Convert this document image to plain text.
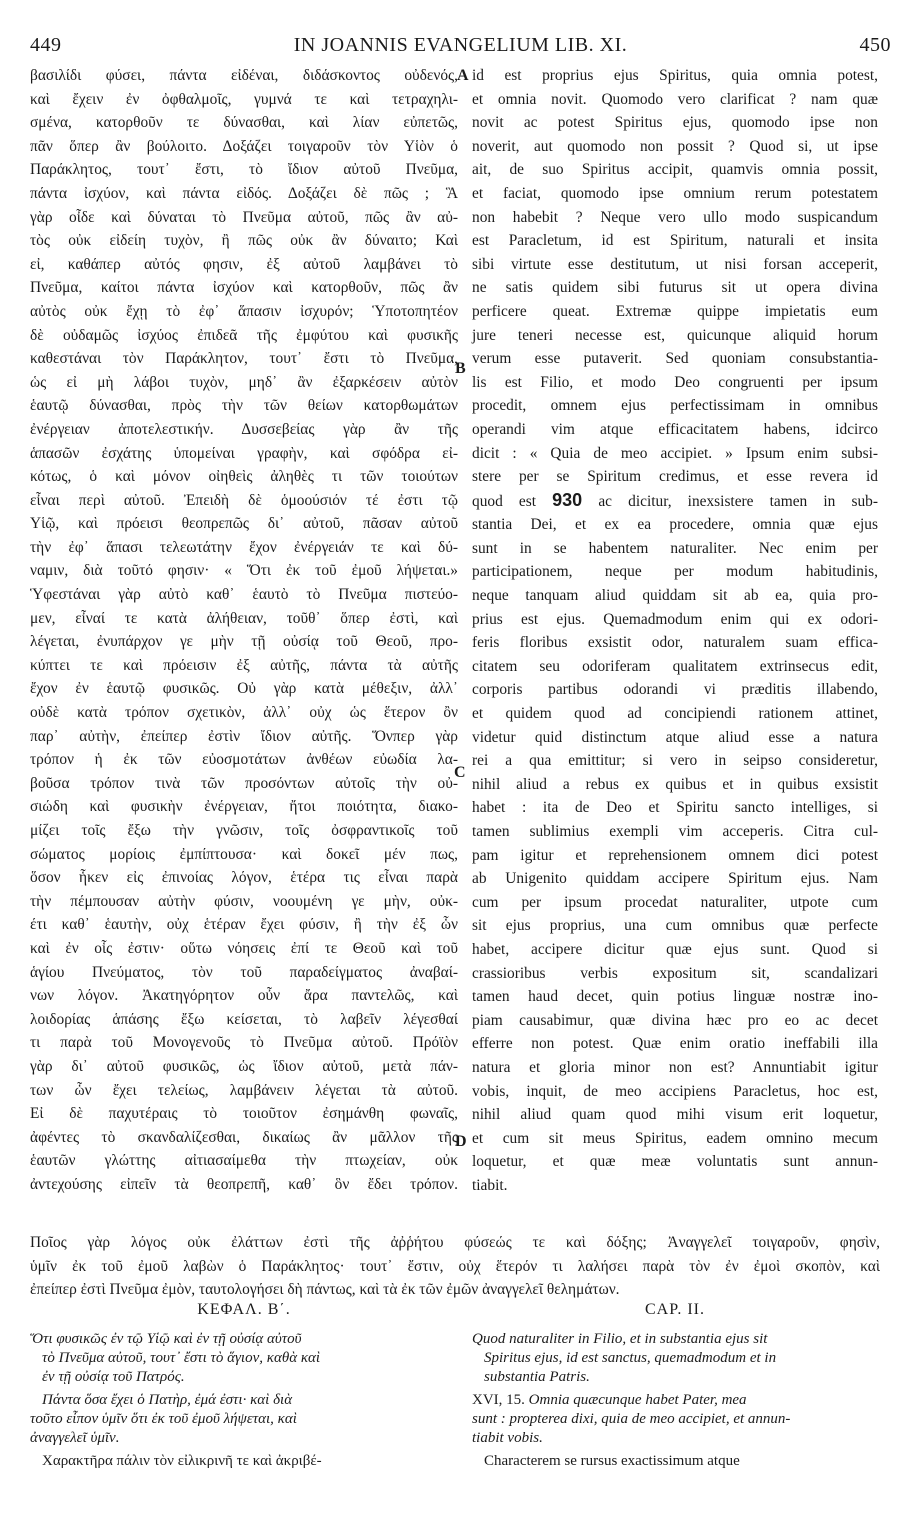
449	IN JOANNIS EVANGELIUM LIB. XI.	450
A
B
C
D

βασιλίδι φύσει, πάντα εἰδέναι, διδάσκοντος οὐδενός,

καὶ ἔχειν ἐν ὀφθαλμοῖς, γυμνά τε καὶ τετραχηλι-

σμένα, κατορθοῦν τε δύνασθαι, καὶ λίαν εὐπετῶς,

πᾶν ὅπερ ἂν βούλοιτο. Δοξάζει τοιγαροῦν τὸν Υἱὸν ὁ

Παράκλητος, τουτ᾽ ἔστι, τὸ ἴδιον αὐτοῦ Πνεῦμα,

πάντα ἰσχύον, καὶ πάντα εἰδός. Δοξάζει δὲ πῶς ; Ἃ

γὰρ οἶδε καὶ δύναται τὸ Πνεῦμα αὐτοῦ, πῶς ἂν αὐ-

τὸς οὐκ εἰδείη τυχὸν, ἢ πῶς οὐκ ἂν δύναιτο; Καὶ

εἰ, καθάπερ αὐτός φησιν, ἐξ αὐτοῦ λαμβάνει τὸ

Πνεῦμα, καίτοι πάντα ἰσχύον καὶ κατορθοῦν, πῶς ἂν

αὐτὸς οὐκ ἔχῃ τὸ ἐφ᾽ ἅπασιν ἰσχυρόν; Ὑποτοπητέον

δὲ οὐδαμῶς ἰσχύος ἐπιδεᾶ τῆς ἐμφύτου καὶ φυσικῆς

καθεστάναι τὸν Παράκλητον, τουτ᾽ ἔστι τὸ Πνεῦμα,

ὡς εἰ μὴ λάβοι τυχὸν, μηδ᾽ ἂν ἐξαρκέσειν αὐτὸν

ἑαυτῷ δύνασθαι, πρὸς τὴν τῶν θείων κατορθωμάτων

ἐνέργειαν ἀποτελεστικήν. Δυσσεβείας γὰρ ἂν τῆς

ἁπασῶν ἐσχάτης ὑπομείναι γραφὴν, καὶ σφόδρα εἰ-

κότως, ὁ καὶ μόνον οἰηθεὶς ἀληθὲς τι τῶν τοιούτων

εἶναι περὶ αὐτοῦ. Ἐπειδὴ δὲ ὁμοούσιόν τέ ἐστι τῷ

Υἱῷ, καὶ πρόεισι θεοπρεπῶς δι᾽ αὐτοῦ, πᾶσαν αὐτοῦ

τὴν ἐφ᾽ ἅπασι τελεωτάτην ἔχον ἐνέργειάν τε καὶ δύ-

ναμιν, διὰ τοῦτό φησιν· « Ὅτι ἐκ τοῦ ἐμοῦ λήψεται.»

Ὑφεστάναι γὰρ αὐτὸ καθ᾽ ἑαυτὸ τὸ Πνεῦμα πιστεύο-

μεν, εἶναί τε κατὰ ἀλήθειαν, τοῦθ᾽ ὅπερ ἐστὶ, καὶ

λέγεται, ἐνυπάρχον γε μὴν τῇ οὐσίᾳ τοῦ Θεοῦ, προ-

κύπτει τε καὶ πρόεισιν ἐξ αὐτῆς, πάντα τὰ αὐτῆς

ἔχον ἐν ἑαυτῷ φυσικῶς. Οὐ γὰρ κατὰ μέθεξιν, ἀλλ᾽

οὐδὲ κατὰ τρόπον σχετικὸν, ἀλλ᾽ οὐχ ὡς ἕτερον ὂν

παρ᾽ αὐτὴν, ἐπείπερ ἐστὶν ἴδιον αὐτῆς. Ὅνπερ γὰρ

τρόπον ἡ ἐκ τῶν εὐοσμοτάτων ἀνθέων εὐωδία λα-

βοῦσα τρόπον τινὰ τῶν προσόντων αὐτοῖς τὴν οὐ-

σιώδη καὶ φυσικὴν ἐνέργειαν, ἤτοι ποιότητα, διακο-

μίζει τοῖς ἔξω τὴν γνῶσιν, τοῖς ὀσφραντικοῖς τοῦ

σώματος μορίοις ἐμπίπτουσα· καὶ δοκεῖ μέν πως,

ὅσον ἧκεν εἰς ἐπινοίας λόγον, ἑτέρα τις εἶναι παρὰ

τὴν πέμπουσαν αὐτὴν φύσιν, νοουμένη γε μὴν, οὐκ-

έτι καθ᾽ ἑαυτὴν, οὐχ ἑτέραν ἔχει φύσιν, ἢ τὴν ἐξ ὧν

καὶ ἐν οἷς ἐστιν· οὕτω νόησεις ἐπί τε Θεοῦ καὶ τοῦ

ἁγίου Πνεύματος, τὸν τοῦ παραδείγματος ἀναβαί-

νων λόγον. Ἀκατηγόρητον οὖν ἄρα παντελῶς, καὶ

λοιδορίας ἁπάσης ἔξω κείσεται, τὸ λαβεῖν λέγεσθαί

τι παρὰ τοῦ Μονογενοῦς τὸ Πνεῦμα αὐτοῦ. Πρόϊὸν

γὰρ δι᾽ αὐτοῦ φυσικῶς, ὡς ἴδιον αὐτοῦ, μετὰ πάν-

των ὧν ἔχει τελείως, λαμβάνειν λέγεται τὰ αὐτοῦ.

Εἰ δὲ παχυτέραις τὸ τοιοῦτον ἐσημάνθη φωναῖς,

ἀφέντες τὸ σκανδαλίζεσθαι, δικαίως ἂν μᾶλλον τῆς

ἑαυτῶν γλώττης αἰτιασαίμεθα τὴν πτωχείαν, οὐκ

ἀντεχούσης εἰπεῖν τὰ θεοπρεπῆ, καθ᾽ ὃν ἔδει τρόπον.

id est proprius ejus Spiritus, quia omnia potest,

et omnia novit. Quomodo vero clarificat ? nam quæ

novit ac potest Spiritus ejus, quomodo ipse non

noverit, aut quomodo non possit ? Quod si, ut ipse

ait, de suo Spiritus accipit, quamvis omnia possit,

et faciat, quomodo ipse omnium rerum potestatem

non habebit ? Neque vero ullo modo suspicandum

est Paracletum, id est Spiritum, naturali et insita

sibi virtute esse destitutum, ut nisi forsan acceperit,

ne satis quidem sibi futurus sit ut opera divina

perficere queat. Extremæ quippe impietatis eum

jure teneri necesse est, quicunque aliquid horum

verum esse putaverit. Sed quoniam consubstantia-

lis est Filio, et modo Deo congruenti per ipsum

procedit, omnem ejus perfectissimam in omnibus

operandi vim atque efficacitatem habens, idcirco

dicit : « Quia de meo accipiet. » Ipsum enim subsi-

stere per se Spiritum credimus, et esse revera id

quod est 930 ac dicitur, inexsistere tamen in sub-

stantia Dei, et ex ea procedere, omnia quæ ejus

sunt in se habentem naturaliter. Nec enim per

participationem, neque per modum habitudinis,

neque tanquam aliud quiddam sit ab ea, quia pro-

prius est ejus. Quemadmodum enim qui ex odori-

feris floribus exsistit odor, naturalem suam effica-

citatem seu odoriferam qualitatem extrinsecus edit,

corporis partibus odorandi vi præditis illabendo,

et quidem quod ad concipiendi rationem attinet,

videtur quid distinctum atque aliud esse a natura

rei a qua emittitur; si vero in seipso consideretur,

nihil aliud a rebus ex quibus et in quibus exsistit

habet : ita de Deo et Spiritu sancto intelliges, si

tamen sublimius exempli vim acceperis. Citra cul-

pam igitur et reprehensionem omnem dici potest

ab Unigenito quiddam accipere Spiritum ejus. Nam

cum per ipsum procedat naturaliter, utpote cum

sit ejus proprius, una cum omnibus quæ perfecte

habet, accipere dicitur quæ ejus sunt. Quod si

crassioribus verbis expositum sit, scandalizari

tamen haud decet, quin potius linguæ nostræ ino-

piam causabimur, quæ divina hæc pro eo ac decet

efferre non potest. Quæ enim oratio ineffabili illa

natura et gloria minor non est? Annuntiabit igitur

vobis, inquit, de meo accipiens Paracletus, hoc est,

nihil aliud quam quod mihi visum erit loquetur,

et cum sit meus Spiritus, eadem omnino mecum

loquetur, et quæ meæ voluntatis sunt annun-

tiabit.

Ποῖος γὰρ λόγος οὐκ ἐλάττων ἐστὶ τῆς ἀῤῥήτου φύσεώς τε καὶ δόξης; Ἀναγγελεῖ τοιγαροῦν, φησὶν,

ὑμῖν ἐκ τοῦ ἐμοῦ λαβὼν ὁ Παράκλητος· τουτ᾽ ἔστιν, οὐχ ἕτερόν τι λαλήσει παρὰ τὸν ἐν ἐμοὶ σκοπὸν, καὶ

ἐπείπερ ἐστὶ Πνεῦμα ἐμὸν, ταυτολογήσει δὴ πάντως, καὶ τὰ ἐκ τῶν ἐμῶν ἀναγγελεῖ θελημάτων.

ΚΕΦΑΛ. Β΄.	CAP. II.

Ὅτι φυσικῶς ἐν τῷ Υἱῷ καὶ ἐν τῇ οὐσίᾳ αὐτοῦ
τὸ Πνεῦμα αὐτοῦ, τουτ᾽ ἔστι τὸ ἅγιον, καθὰ καὶ
ἐν τῇ οὐσίᾳ τοῦ Πατρός.

Πάντα ὅσα ἔχει ὁ Πατὴρ, ἐμά ἐστι· καὶ διὰ
τοῦτο εἶπον ὑμῖν ὅτι ἐκ τοῦ ἐμοῦ λήψεται, καὶ
ἀναγγελεῖ ὑμῖν.

Χαρακτῆρα πάλιν τὸν εἰλικρινῆ τε καὶ ἀκριβέ-

Quod naturaliter in Filio, et in substantia ejus sit
Spiritus ejus, id est sanctus, quemadmodum et in
substantia Patris.

XVI, 15. Omnia quæcunque habet Pater, mea
sunt : propterea dixi, quia de meo accipiet, et annun-
tiabit vobis.

Characterem se rursus exactissimum atque
